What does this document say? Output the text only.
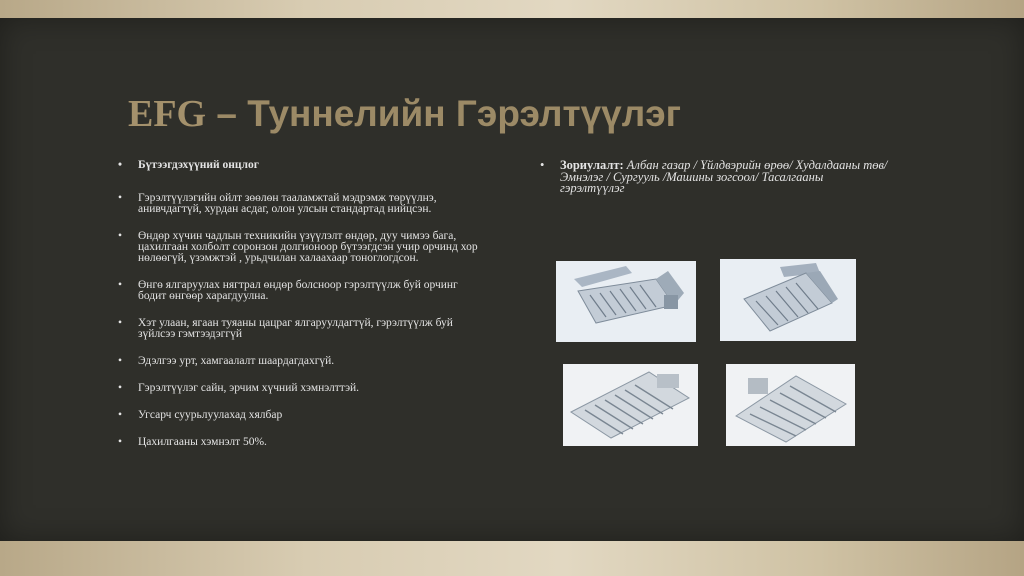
EFG – Туннелийн Гэрэлтүүлэг
• Бүтээгдэхүүний онцлог
• Гэрэлтүүлэгийн ойлт зөөлөн тааламжтай мэдрэмж төрүүлнэ, анивчдагтүй, хурдан асдаг, олон улсын стандартад нийцсэн.
• Өндөр хүчин чадлын техникийн үзүүлэлт өндөр, дуу чимээ бага, цахилгаан холболт соронзон долгионоор бүтээгдсэн учир орчинд хор нөлөөгүй, үзэмжтэй , урьдчилан халаахаар тоноглогдсон.
• Өнгө ялгаруулах нягтрал өндөр болсноор гэрэлтүүлж буй орчинг бодит өнгөөр харагдуулна.
• Хэт улаан, ягаан туяаны цацраг ялгаруулдагтүй, гэрэлтүүлж буй зүйлсээ гэмтээдэггүй
• Эдэлгээ урт, хамгаалалт шаардагдахгүй.
• Гэрэлтүүлэг сайн, эрчим хүчний хэмнэлттэй.
• Угсарч суурьлуулахад хялбар
• Цахилгааны хэмнэлт 50%.
• Зориулалт: Албан газар / Үйлдвэрийн өрөө/ Худалдааны төв/ Эмнэлэг / Сургууль /Машины зогсоол/ Тасалгааны гэрэлтүүлэг
